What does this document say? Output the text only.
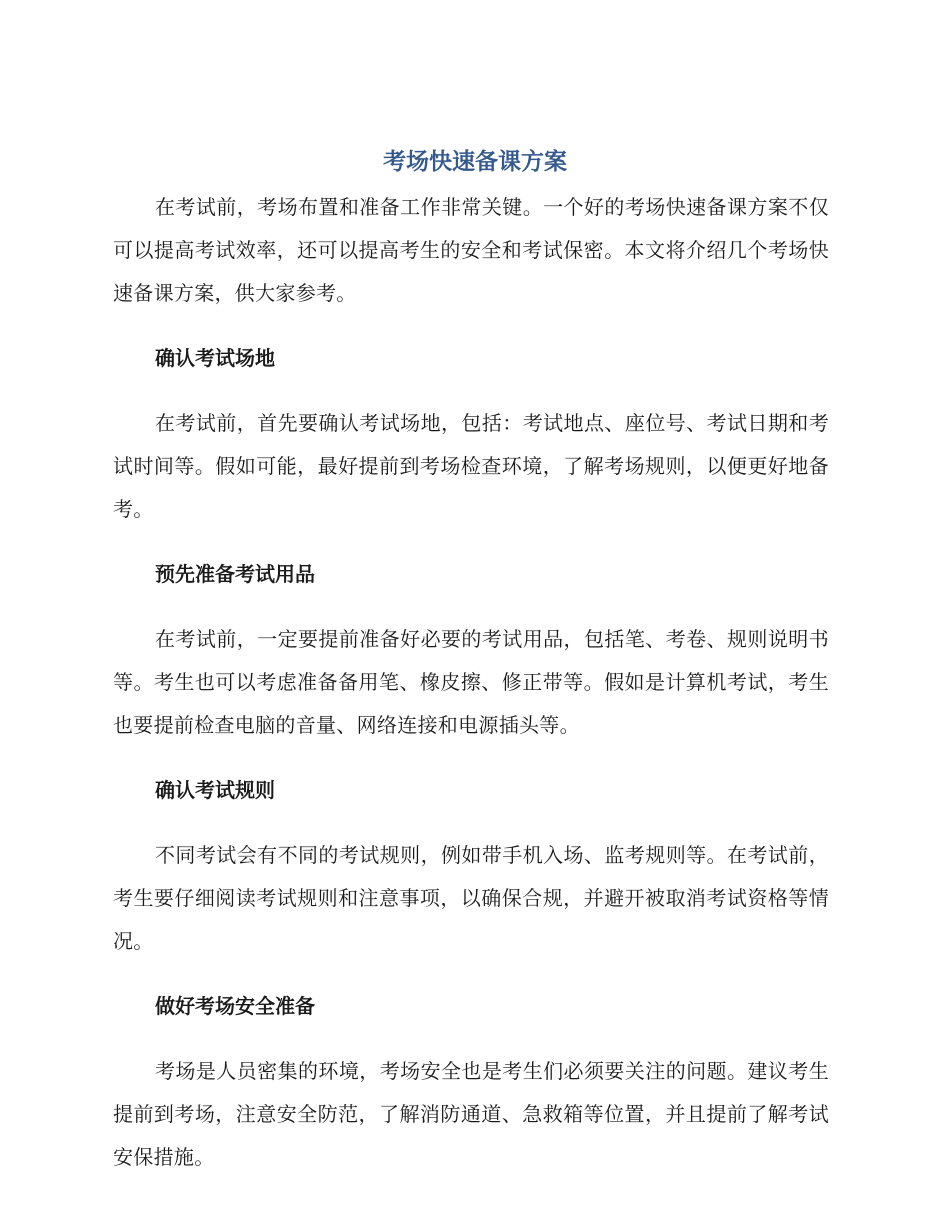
考场快速备课方案

在考试前，考场布置和准备工作非常关键。一个好的考场快速备课方案不仅可以提高考试效率，还可以提高考生的安全和考试保密。本文将介绍几个考场快速备课方案，供大家参考。

确认考试场地

在考试前，首先要确认考试场地，包括：考试地点、座位号、考试日期和考试时间等。假如可能，最好提前到考场检查环境，了解考场规则，以便更好地备考。

预先准备考试用品

在考试前，一定要提前准备好必要的考试用品，包括笔、考卷、规则说明书等。考生也可以考虑准备备用笔、橡皮擦、修正带等。假如是计算机考试，考生也要提前检查电脑的音量、网络连接和电源插头等。

确认考试规则

不同考试会有不同的考试规则，例如带手机入场、监考规则等。在考试前，考生要仔细阅读考试规则和注意事项，以确保合规，并避开被取消考试资格等情况。

做好考场安全准备

考场是人员密集的环境，考场安全也是考生们必须要关注的问题。建议考生提前到考场，注意安全防范，了解消防通道、急救箱等位置，并且提前了解考试安保措施。
